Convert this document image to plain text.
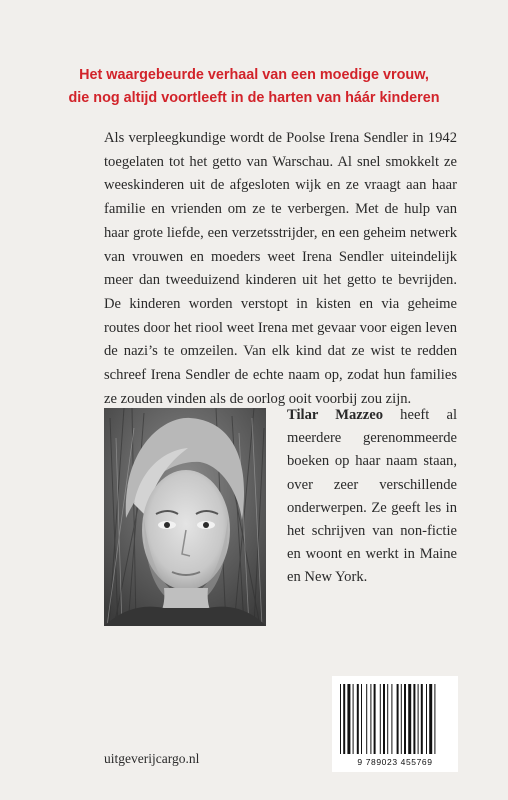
Het waargebeurde verhaal van een moedige vrouw,
die nog altijd voortleeft in de harten van háár kinderen
Als verpleegkundige wordt de Poolse Irena Sendler in 1942 toegelaten tot het getto van Warschau. Al snel smokkelt ze weeskinderen uit de afgesloten wijk en ze vraagt aan haar familie en vrienden om ze te verbergen. Met de hulp van haar grote liefde, een verzetsstrijder, en een geheim netwerk van vrouwen en moeders weet Irena Sendler uiteindelijk meer dan tweeduizend kinderen uit het getto te bevrijden. De kinderen worden verstopt in kisten en via geheime routes door het riool weet Irena met gevaar voor eigen leven de nazi’s te omzeilen. Van elk kind dat ze wist te redden schreef Irena Sendler de echte naam op, zodat hun families ze zouden vinden als de oorlog ooit voorbij zou zijn.
Tilar Mazzeo heeft al meerdere gerenommeerde boeken op haar naam staan, over zeer verschillende onderwerpen. Ze geeft les in het schrijven van non-fictie en woont en werkt in Maine en New York.
9 789023 455769
uitgeverijcargo.nl
